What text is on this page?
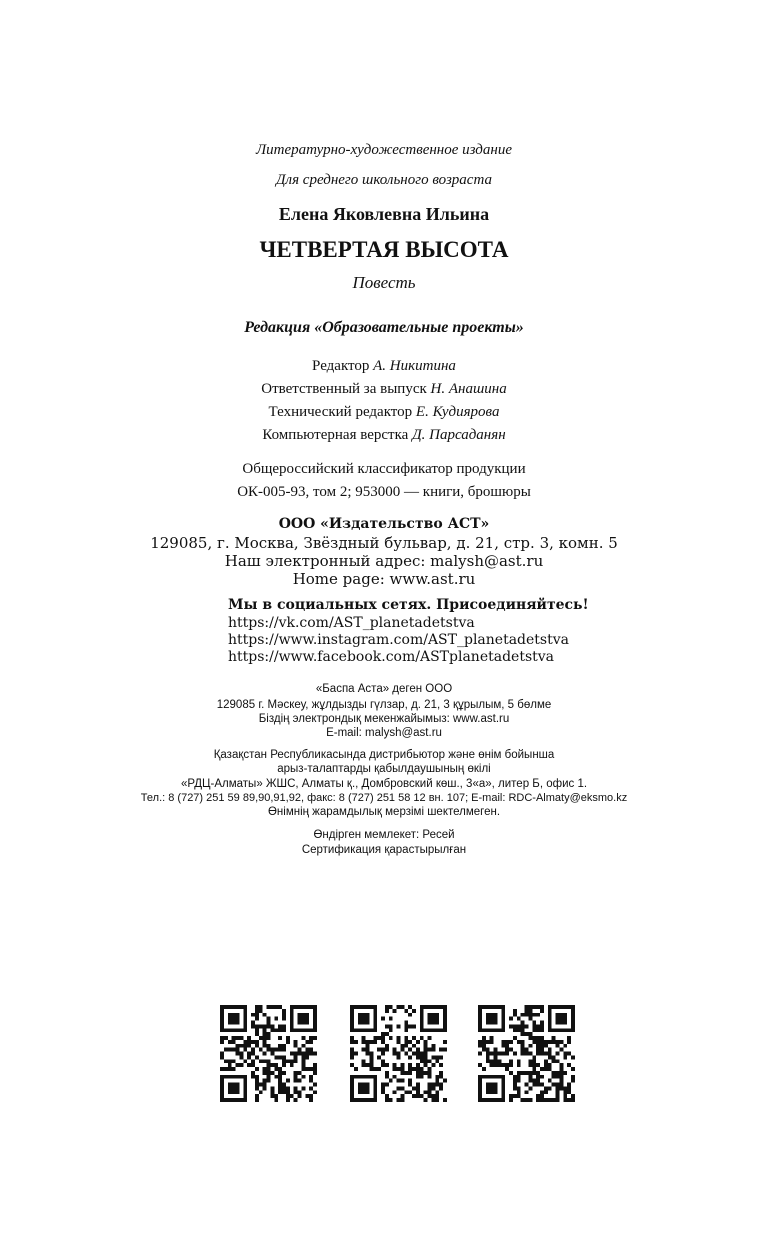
Литературно-художественное издание
Для среднего школьного возраста
Елена Яковлевна Ильина
ЧЕТВЕРТАЯ ВЫСОТА
Повесть
Редакция «Образовательные проекты»
Редактор А. Никитина
Ответственный за выпуск Н. Анашина
Технический редактор Е. Кудиярова
Компьютерная верстка Д. Парсаданян
Общероссийский классификатор продукции
ОК-005-93, том 2; 953000 — книги, брошюры
ООО «Издательство АСТ»
129085, г. Москва, Звёздный бульвар, д. 21, стр. 3, комн. 5
Наш электронный адрес: malysh@ast.ru
Home page: www.ast.ru
Мы в социальных сетях. Присоединяйтесь!
https://vk.com/AST_planetadetstva
https://www.instagram.com/AST_planetadetstva
https://www.facebook.com/ASTplanetadetstva
«Баспа Аста» деген ООО
129085 г. Мәскеу, жұлдызды гүлзар, д. 21, 3 құрылым, 5 бөлме
Біздің электрондық мекенжайымыз: www.ast.ru
E-mail: malysh@ast.ru
Қазақстан Республикасында дистрибьютор және өнім бойынша
арыз-талаптарды қабылдаушының өкілі
«РДЦ-Алматы» ЖШС, Алматы қ., Домбровский көш., 3«а», литер Б, офис 1.
Тел.: 8 (727) 251 59 89,90,91,92, факс: 8 (727) 251 58 12 вн. 107; E-mail: RDC-Almaty@eksmo.kz
Өнімнің жарамдылық мерзімі шектелмеген.
Өндірген мемлекет: Ресей
Сертификация қарастырылған
